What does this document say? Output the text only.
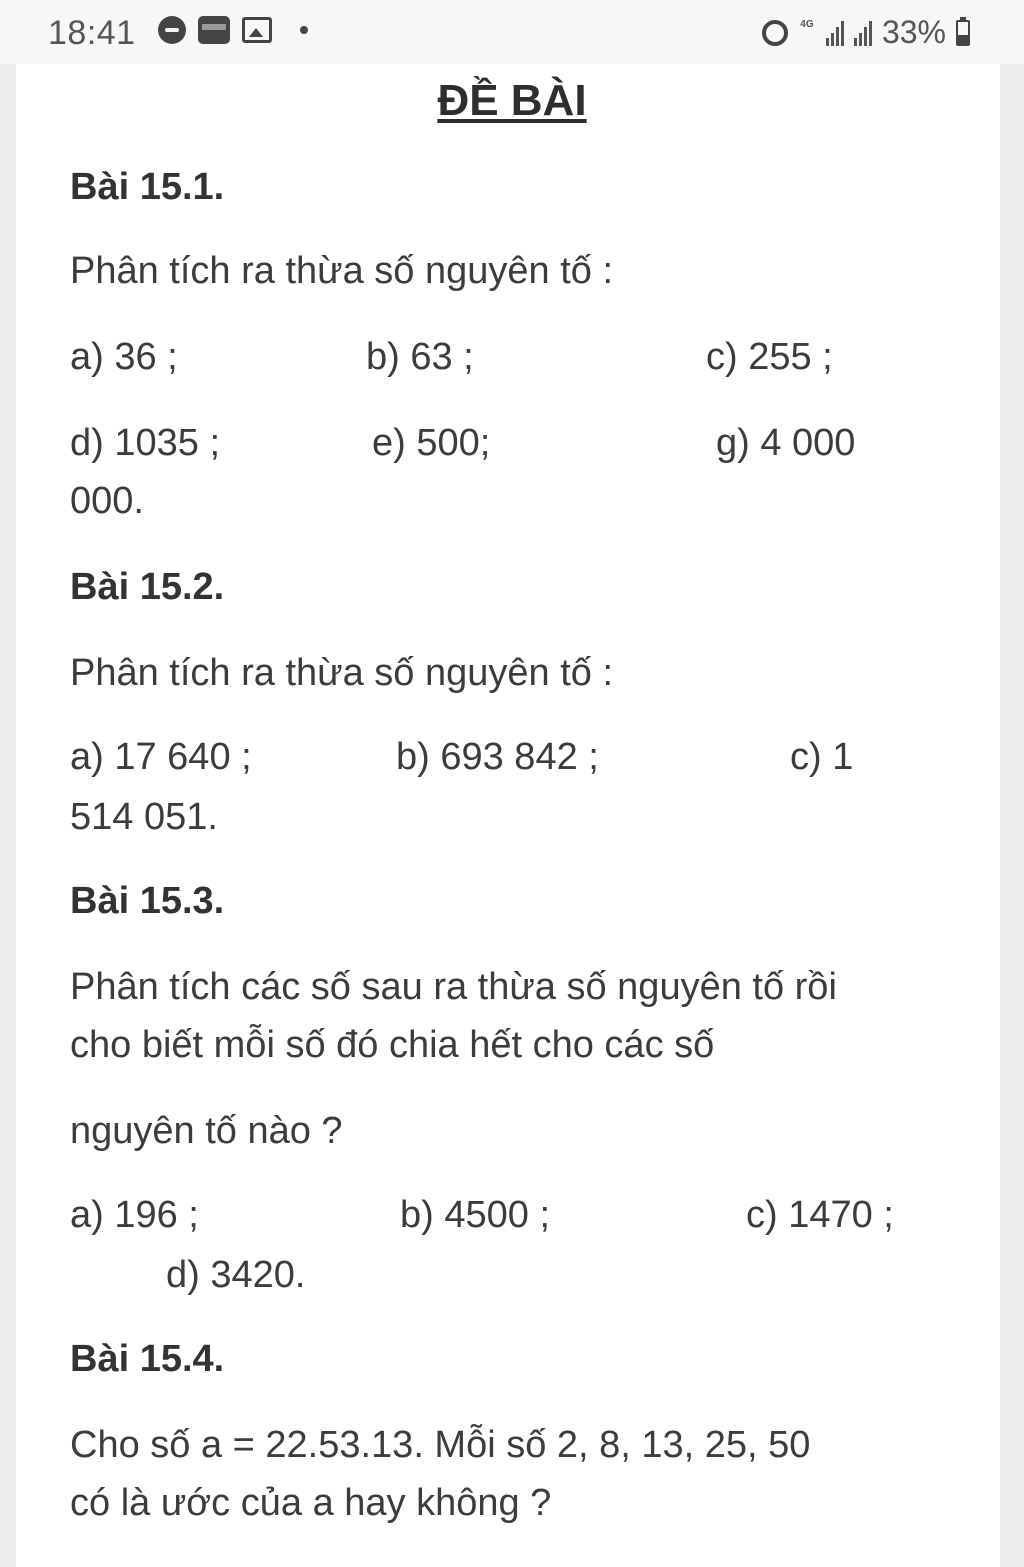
18:41	4G 33%
ĐỀ BÀI
Bài 15.1.
Phân tích ra thừa số nguyên tố :
a) 36 ;	b) 63 ;	c) 255 ;
d) 1035 ;	e) 500;	g) 4 000
000.
Bài 15.2.
Phân tích ra thừa số nguyên tố :
a) 17 640 ;	b) 693 842 ;	c) 1
514 051.
Bài 15.3.
Phân tích các số sau ra thừa số nguyên tố rồi
cho biết mỗi số đó chia hết cho các số
nguyên tố nào ?
a) 196 ;	b) 4500 ;	c) 1470 ;
d) 3420.
Bài 15.4.
Cho số a = 22.53.13. Mỗi số 2, 8, 13, 25, 50
có là ước của a hay không ?
